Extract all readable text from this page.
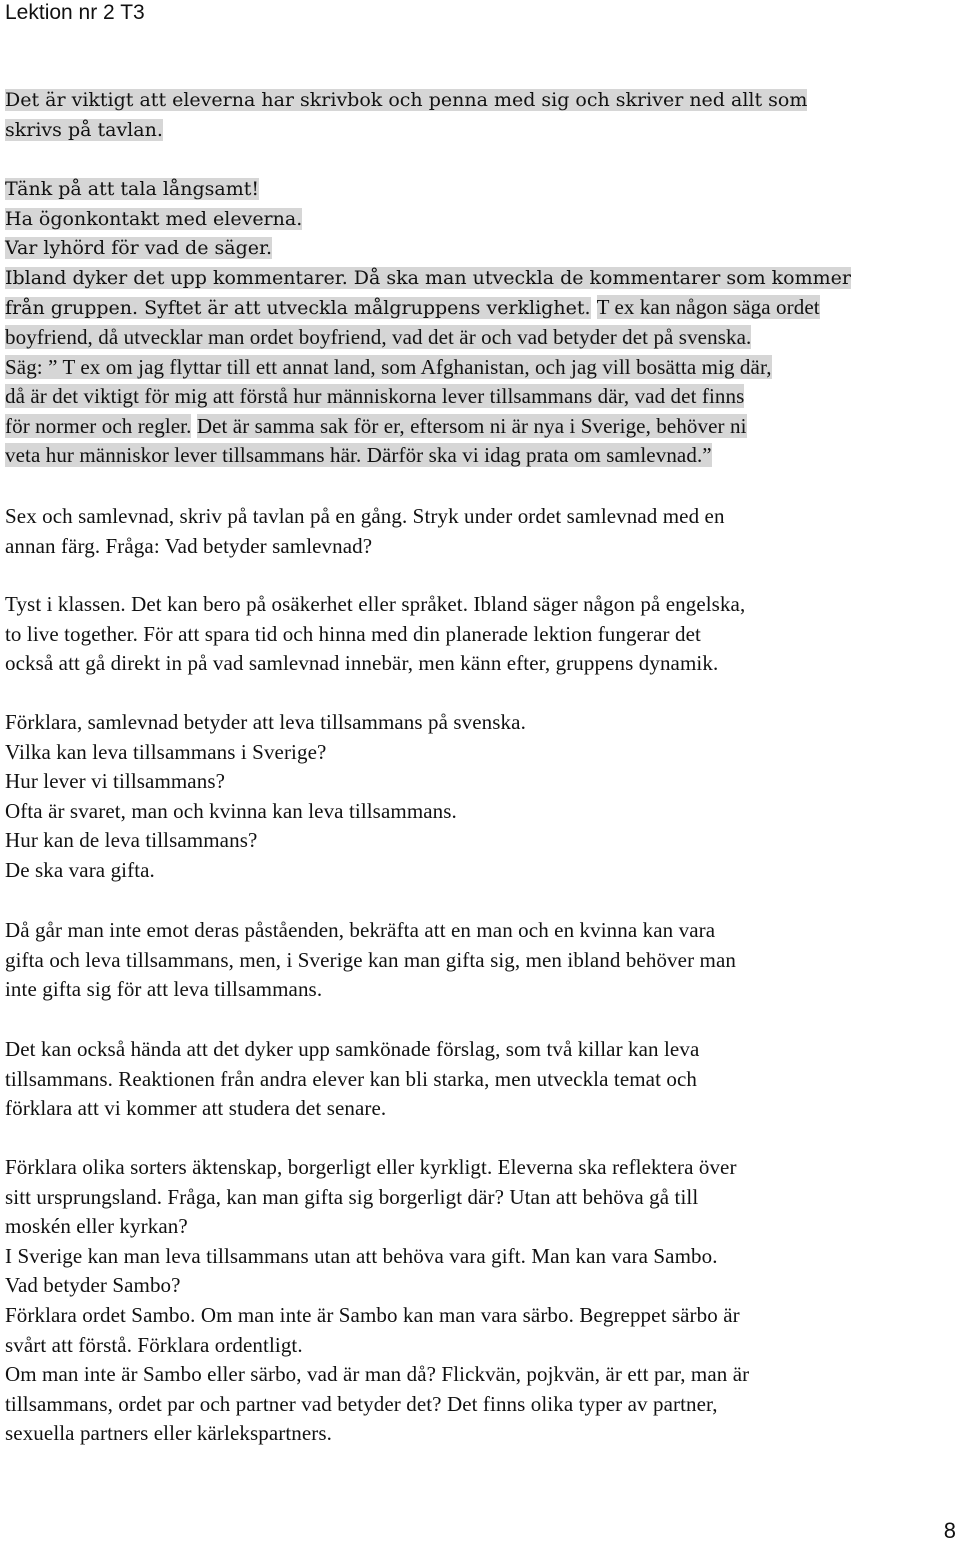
Lektion nr 2 T3

Det är viktigt att eleverna har skrivbok och penna med sig och skriver ned allt som

skrivs på tavlan.

Tänk på att tala långsamt!

Ha ögonkontakt med eleverna.

Var lyhörd för vad de säger.

Ibland dyker det upp kommentarer. Då ska man utveckla de kommentarer som kommer

från gruppen. Syftet är att utveckla målgruppens verklighet. T ex kan någon säga ordet

boyfriend, då utvecklar man ordet boyfriend, vad det är och vad betyder det på svenska.

Säg: ” T ex om jag flyttar till ett annat land, som Afghanistan, och jag vill bosätta mig där,

då är det viktigt för mig att förstå hur människorna lever tillsammans där, vad det finns

för normer och regler. Det är samma sak för er, eftersom ni är nya i Sverige, behöver ni

veta hur människor lever tillsammans här. Därför ska vi idag prata om samlevnad.”

Sex och samlevnad, skriv på tavlan på en gång. Stryk under ordet samlevnad med en

annan färg. Fråga: Vad betyder samlevnad?

Tyst i klassen. Det kan bero på osäkerhet eller språket. Ibland säger någon på engelska,

to live together. För att spara tid och hinna med din planerade lektion fungerar det

också att gå direkt in på vad samlevnad innebär, men känn efter, gruppens dynamik.

Förklara, samlevnad betyder att leva tillsammans på svenska.

Vilka kan leva tillsammans i Sverige?

Hur lever vi tillsammans?

Ofta är svaret, man och kvinna kan leva tillsammans.

Hur kan de leva tillsammans?

De ska vara gifta.

Då går man inte emot deras påståenden, bekräfta att en man och en kvinna kan vara

gifta och leva tillsammans, men, i Sverige kan man gifta sig, men ibland behöver man

inte gifta sig för att leva tillsammans.

Det kan också hända att det dyker upp samkönade förslag, som två killar kan leva

tillsammans. Reaktionen från andra elever kan bli starka, men utveckla temat och

förklara att vi kommer att studera det senare.

Förklara olika sorters äktenskap, borgerligt eller kyrkligt. Eleverna ska reflektera över

sitt ursprungsland. Fråga, kan man gifta sig borgerligt där? Utan att behöva gå till

moskén eller kyrkan?

I Sverige kan man leva tillsammans utan att behöva vara gift. Man kan vara Sambo.

Vad betyder Sambo?

Förklara ordet Sambo. Om man inte är Sambo kan man vara särbo. Begreppet särbo är

svårt att förstå. Förklara ordentligt.

Om man inte är Sambo eller särbo, vad är man då? Flickvän, pojkvän, är ett par, man är

tillsammans, ordet par och partner vad betyder det? Det finns olika typer av partner,

sexuella partners eller kärlekspartners.

8
